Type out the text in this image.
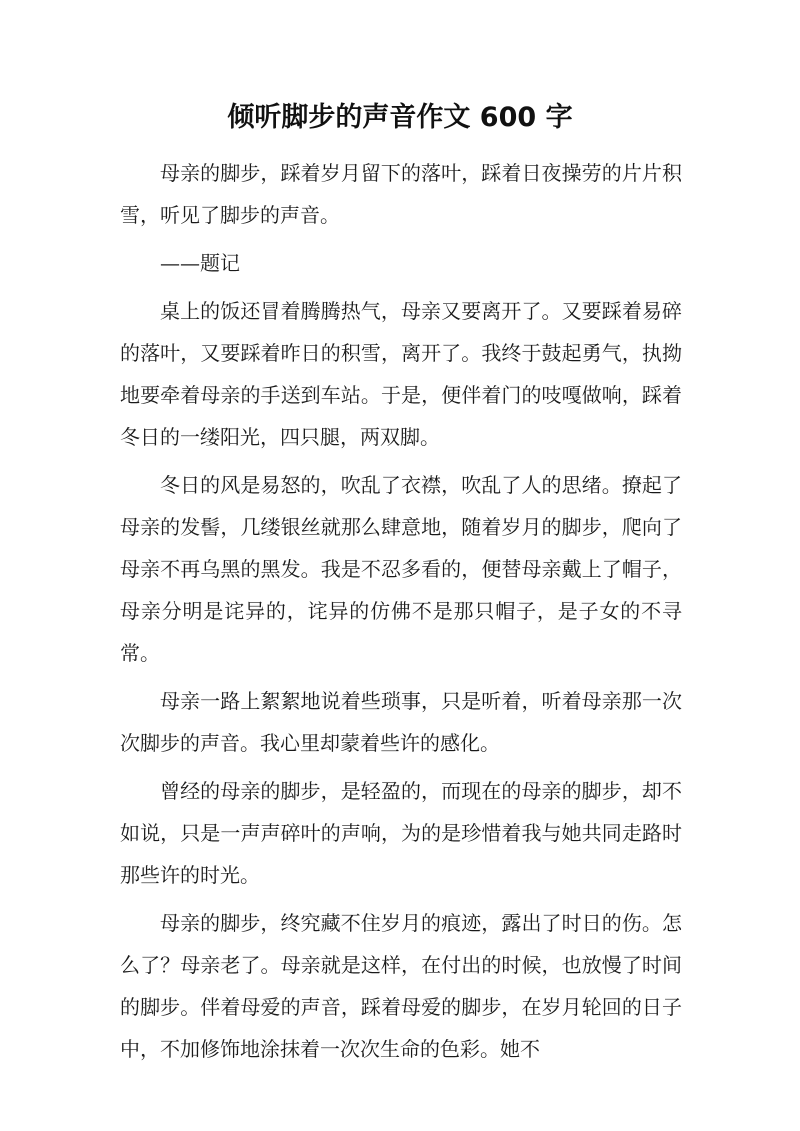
倾听脚步的声音作文 600 字

母亲的脚步，踩着岁月留下的落叶，踩着日夜操劳的片片积雪，听见了脚步的声音。

——题记

桌上的饭还冒着腾腾热气，母亲又要离开了。又要踩着易碎的落叶，又要踩着昨日的积雪，离开了。我终于鼓起勇气，执拗地要牵着母亲的手送到车站。于是，便伴着门的吱嘎做响，踩着冬日的一缕阳光，四只腿，两双脚。

冬日的风是易怒的，吹乱了衣襟，吹乱了人的思绪。撩起了母亲的发髻，几缕银丝就那么肆意地，随着岁月的脚步，爬向了母亲不再乌黑的黑发。我是不忍多看的，便替母亲戴上了帽子，母亲分明是诧异的，诧异的仿佛不是那只帽子，是子女的不寻常。

母亲一路上絮絮地说着些琐事，只是听着，听着母亲那一次次脚步的声音。我心里却蒙着些许的感化。

曾经的母亲的脚步，是轻盈的，而现在的母亲的脚步，却不如说，只是一声声碎叶的声响，为的是珍惜着我与她共同走路时那些许的时光。

母亲的脚步，终究藏不住岁月的痕迹，露出了时日的伤。怎么了？母亲老了。母亲就是这样，在付出的时候，也放慢了时间的脚步。伴着母爱的声音，踩着母爱的脚步，在岁月轮回的日子中，不加修饰地涂抹着一次次生命的色彩。她不
